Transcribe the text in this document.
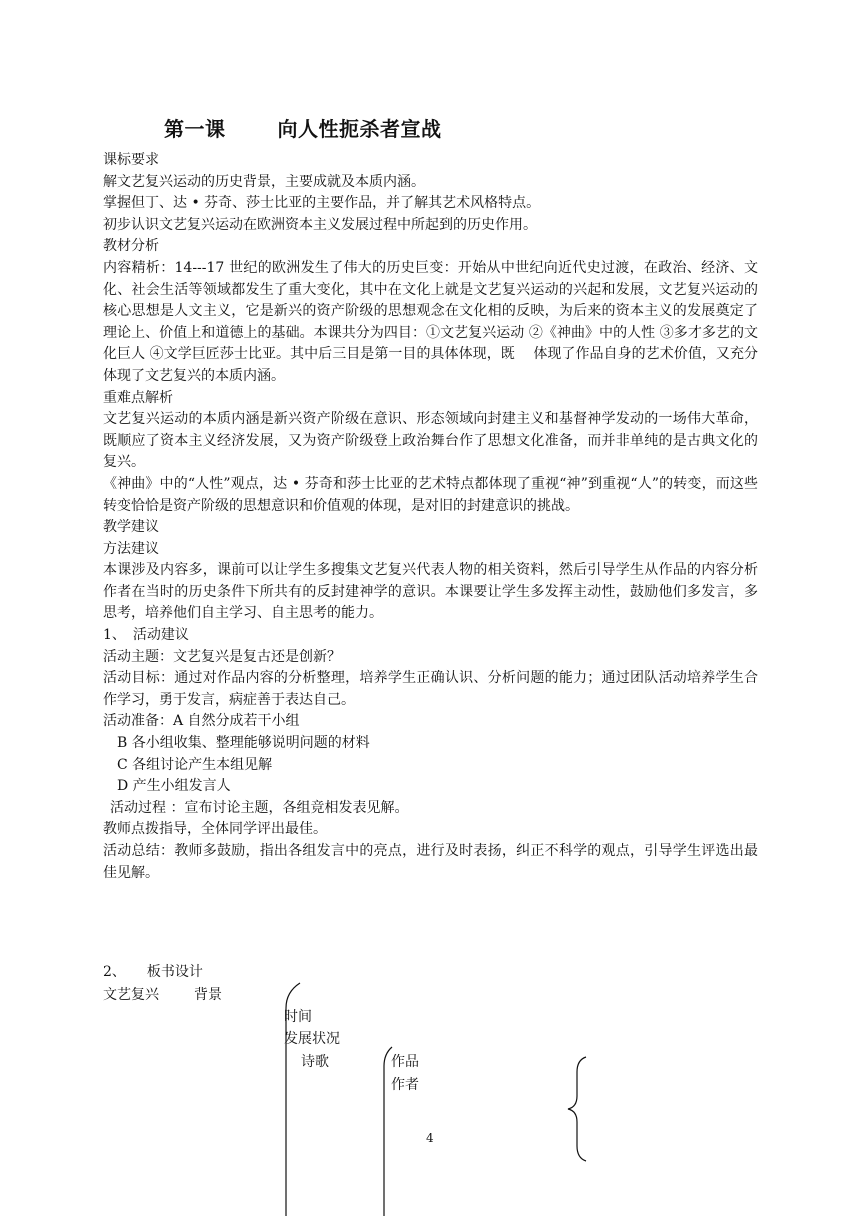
第一课	向人性扼杀者宣战

课标要求

解文艺复兴运动的历史背景，主要成就及本质内涵。

掌握但丁、达 • 芬奇、莎士比亚的主要作品，并了解其艺术风格特点。

初步认识文艺复兴运动在欧洲资本主义发展过程中所起到的历史作用。

教材分析

内容精析：14---17 世纪的欧洲发生了伟大的历史巨变：开始从中世纪向近代史过渡，在政治、经济、文化、社会生活等领域都发生了重大变化，其中在文化上就是文艺复兴运动的兴起和发展，文艺复兴运动的核心思想是人文主义，它是新兴的资产阶级的思想观念在文化相的反映，为后来的资本主义的发展奠定了理论上、价值上和道德上的基础。本课共分为四目：①文艺复兴运动 ②《神曲》中的人性 ③多才多艺的文化巨人 ④文学巨匠莎士比亚。其中后三目是第一目的具体体现，既　 体现了作品自身的艺术价值，又充分体现了文艺复兴的本质内涵。

重难点解析

文艺复兴运动的本质内涵是新兴资产阶级在意识、形态领域向封建主义和基督神学发动的一场伟大革命，既顺应了资本主义经济发展，又为资产阶级登上政治舞台作了思想文化准备，而并非单纯的是古典文化的复兴。

《神曲》中的“人性”观点，达 • 芬奇和莎士比亚的艺术特点都体现了重视“神”到重视“人”的转变，而这些转变恰恰是资产阶级的思想意识和价值观的体现，是对旧的封建意识的挑战。

教学建议

方法建议

本课涉及内容多，课前可以让学生多搜集文艺复兴代表人物的相关资料，然后引导学生从作品的内容分析作者在当时的历史条件下所共有的反封建神学的意识。本课要让学生多发挥主动性，鼓励他们多发言，多思考，培养他们自主学习、自主思考的能力。

1、　活动建议

活动主题：文艺复兴是复古还是创新？

活动目标：通过对作品内容的分析整理，培养学生正确认识、分析问题的能力；通过团队活动培养学生合作学习，勇于发言，病症善于表达自己。

活动准备：A 自然分成若干小组

B 各小组收集、整理能够说明问题的材料

C 各组讨论产生本组见解

D 产生小组发言人

活动过程 ：宣布讨论主题，各组竞相发表见解。

教师点拨指导，全体同学评出最佳。

活动总结：教师多鼓励，指出各组发言中的亮点，进行及时表扬，纠正不科学的观点，引导学生评选出最佳见解。

2、　　板书设计
文艺复兴	背景
时间
发展状况
诗歌	作品
作者
4
